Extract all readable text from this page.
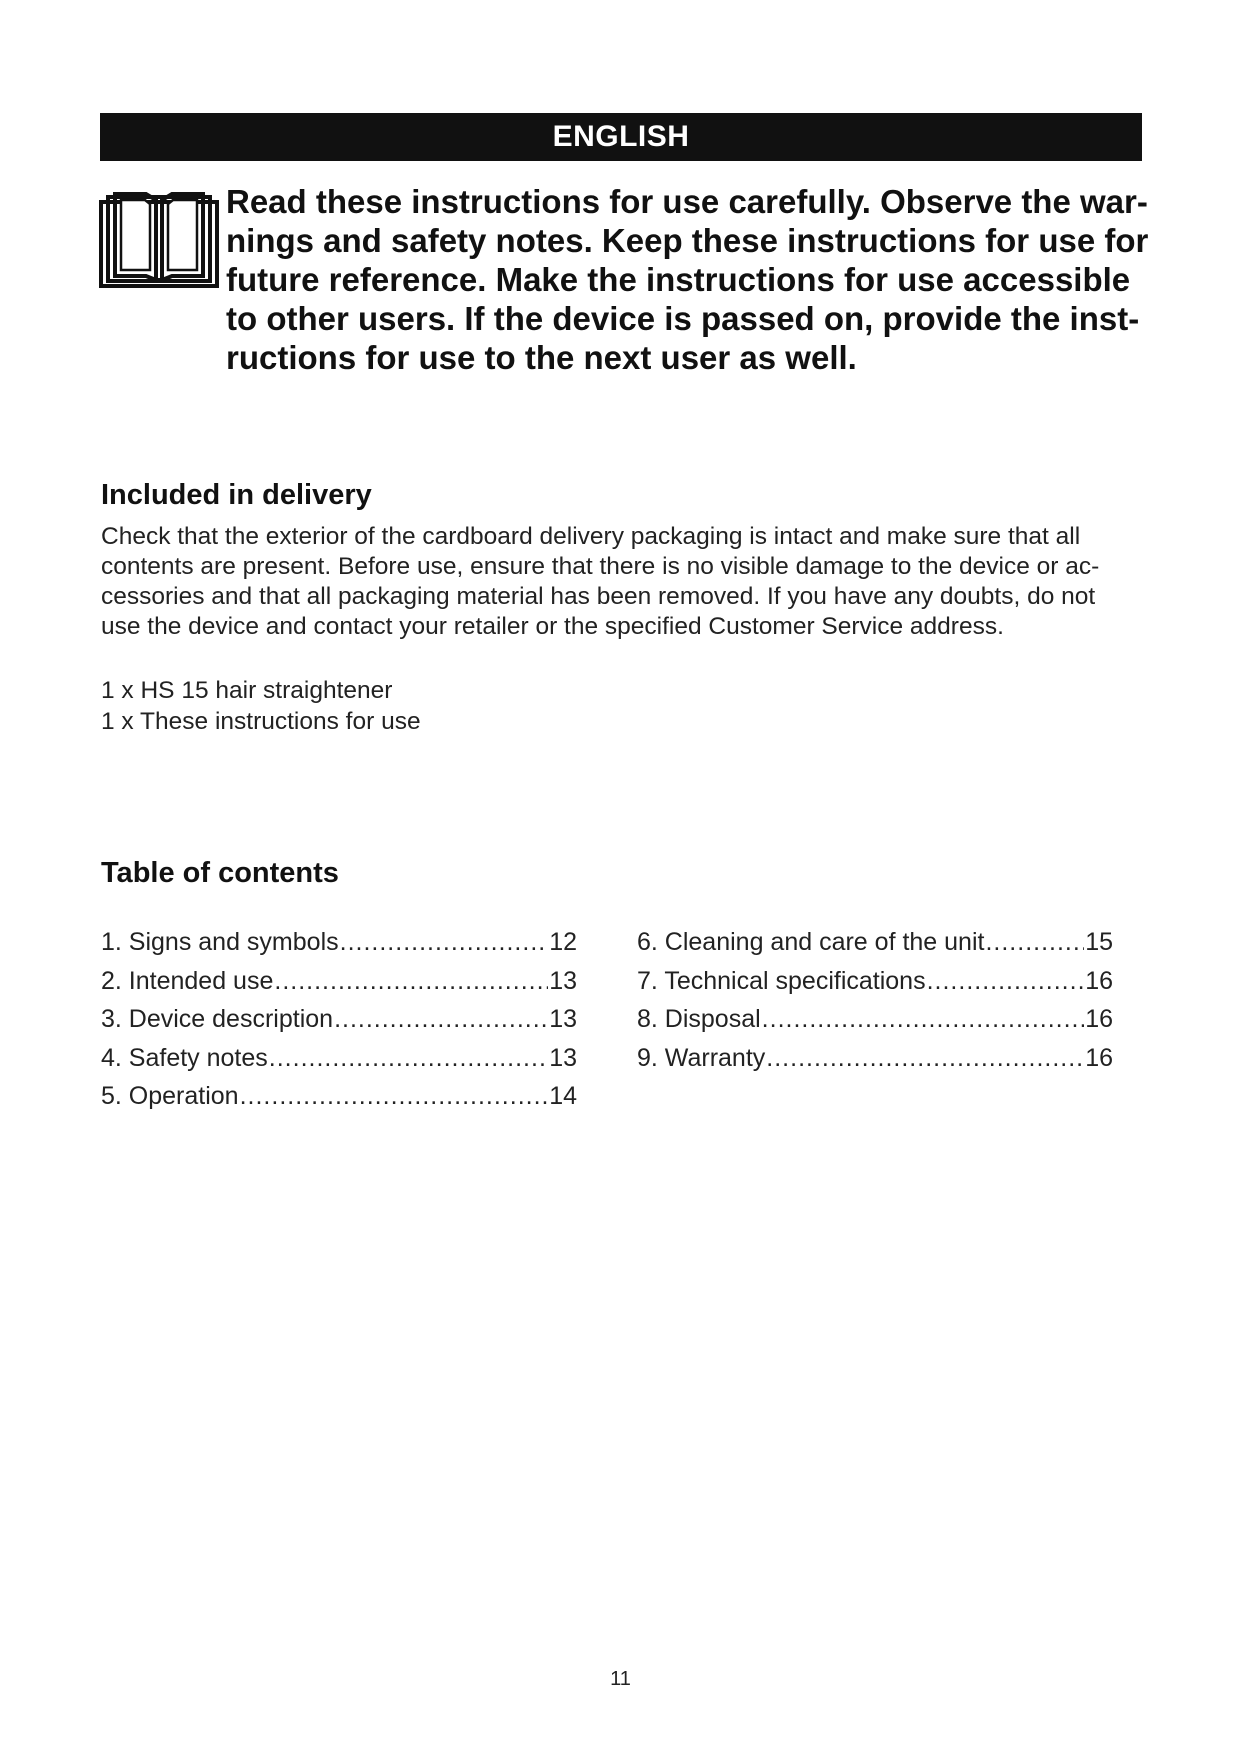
ENGLISH

Read these instructions for use carefully. Observe the war-
nings and safety notes. Keep these instructions for use for
future reference. Make the instructions for use accessible
to other users. If the device is passed on, provide the inst-
ructions for use to the next user as well.

Included in delivery

Check that the exterior of the cardboard delivery packaging is intact and make sure that all
contents are present. Before use, ensure that there is no visible damage to the device or ac-
cessories and that all packaging material has been removed. If you have any doubts, do not
use the device and contact your retailer or the specified Customer Service address.

1 x HS 15 hair straightener
1 x These instructions for use
Table of contents
1. Signs and symbols .....	12
2. Intended use .....	13
3. Device description .....	13
4. Safety notes .....	13
5. Operation .....	14
6. Cleaning and care of the unit .....	15
7. Technical specifications .....	16
8. Disposal .....	16
9. Warranty .....	16
11
